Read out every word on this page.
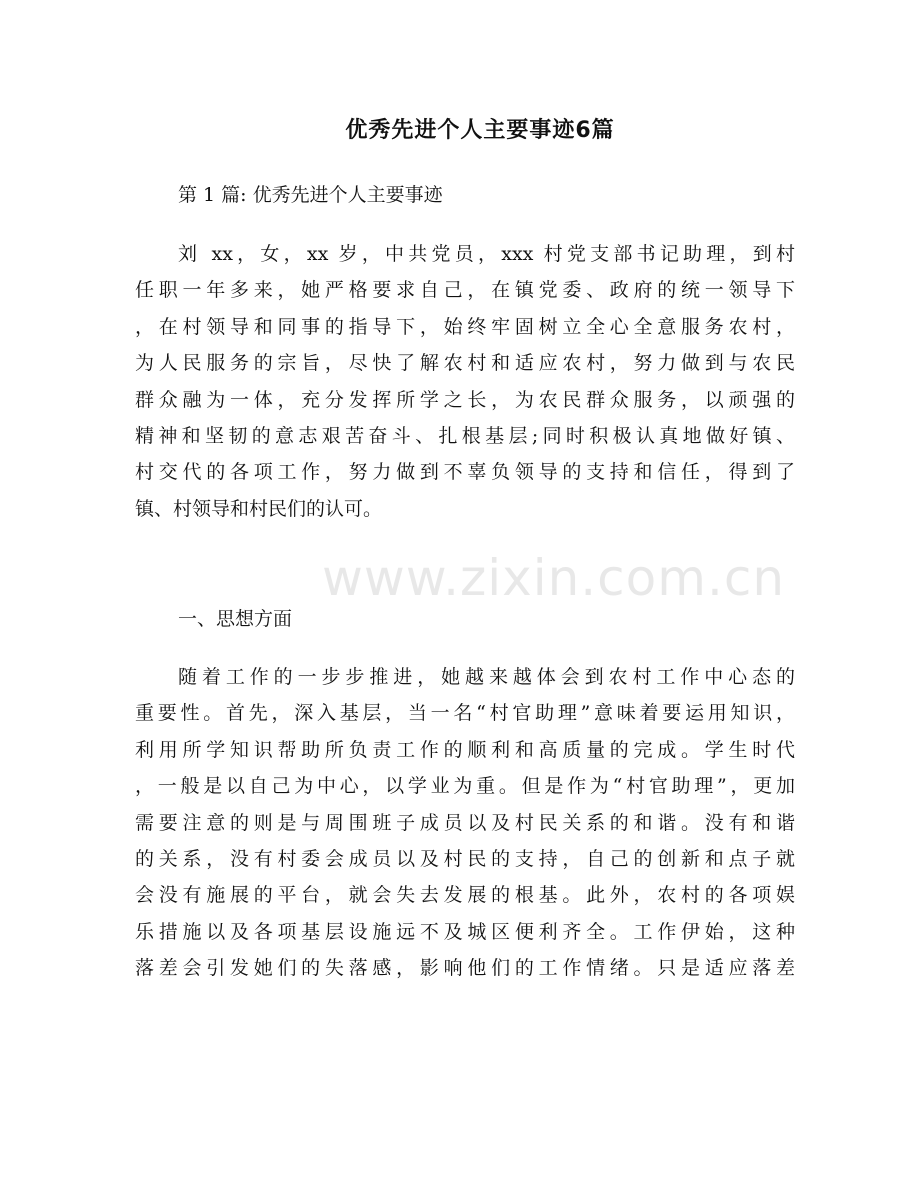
优秀先进个人主要事迹6篇

第 1 篇: 优秀先进个人主要事迹

刘 xx，女，xx 岁，中共党员，xxx 村党支部书记助理，到村
任职一年多来，她严格要求自己，在镇党委、政府的统一领导下
，在村领导和同事的指导下，始终牢固树立全心全意服务农村，
为人民服务的宗旨，尽快了解农村和适应农村，努力做到与农民
群众融为一体，充分发挥所学之长，为农民群众服务，以顽强的
精神和坚韧的意志艰苦奋斗、扎根基层;同时积极认真地做好镇、
村交代的各项工作，努力做到不辜负领导的支持和信任，得到了
镇、村领导和村民们的认可。
www.zixin.com.cn

一、思想方面

随着工作的一步步推进，她越来越体会到农村工作中心态的
重要性。首先，深入基层，当一名“村官助理”意味着要运用知识，
利用所学知识帮助所负责工作的顺利和高质量的完成。学生时代
，一般是以自己为中心，以学业为重。但是作为“村官助理”，更加
需要注意的则是与周围班子成员以及村民关系的和谐。没有和谐
的关系，没有村委会成员以及村民的支持，自己的创新和点子就
会没有施展的平台，就会失去发展的根基。此外，农村的各项娱
乐措施以及各项基层设施远不及城区便利齐全。工作伊始，这种
落差会引发她们的失落感，影响他们的工作情绪。只是适应落差
